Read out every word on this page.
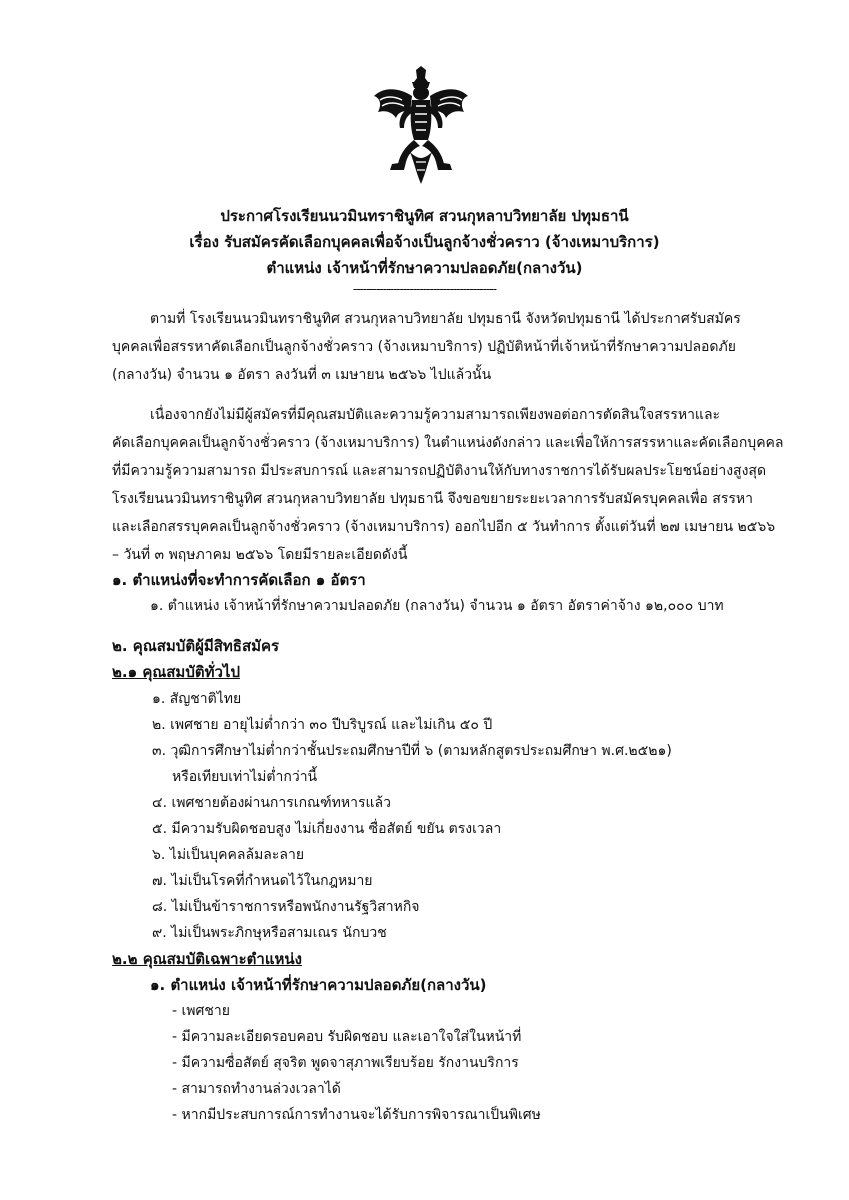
ประกาศโรงเรียนนวมินทราชินูทิศ สวนกุหลาบวิทยาลัย ปทุมธานี
เรื่อง รับสมัครคัดเลือกบุคคลเพื่อจ้างเป็นลูกจ้างชั่วคราว (จ้างเหมาบริการ)
ตำแหน่ง เจ้าหน้าที่รักษาความปลอดภัย(กลางวัน)
-------------------------------------------
ตามที่ โรงเรียนนวมินทราชินูทิศ สวนกุหลาบวิทยาลัย ปทุมธานี จังหวัดปทุมธานี ได้ประกาศรับสมัคร
บุคคลเพื่อสรรหาคัดเลือกเป็นลูกจ้างชั่วคราว (จ้างเหมาบริการ) ปฏิบัติหน้าที่เจ้าหน้าที่รักษาความปลอดภัย
(กลางวัน) จำนวน ๑ อัตรา ลงวันที่ ๓ เมษายน ๒๕๖๖ ไปแล้วนั้น
เนื่องจากยังไม่มีผู้สมัครที่มีคุณสมบัติและความรู้ความสามารถเพียงพอต่อการตัดสินใจสรรหาและ
คัดเลือกบุคคลเป็นลูกจ้างชั่วคราว (จ้างเหมาบริการ) ในตำแหน่งดังกล่าว และเพื่อให้การสรรหาและคัดเลือกบุคคล
ที่มีความรู้ความสามารถ มีประสบการณ์ และสามารถปฏิบัติงานให้กับทางราชการได้รับผลประโยชน์อย่างสูงสุด
โรงเรียนนวมินทราชินูทิศ สวนกุหลาบวิทยาลัย ปทุมธานี จึงขอขยายระยะเวลาการรับสมัครบุคคลเพื่อ สรรหา
และเลือกสรรบุคคลเป็นลูกจ้างชั่วคราว (จ้างเหมาบริการ) ออกไปอีก ๕ วันทำการ ตั้งแต่วันที่ ๒๗ เมษายน ๒๕๖๖
– วันที่ ๓ พฤษภาคม ๒๕๖๖ โดยมีรายละเอียดดังนี้
๑. ตำแหน่งที่จะทำการคัดเลือก ๑ อัตรา
๑. ตำแหน่ง เจ้าหน้าที่รักษาความปลอดภัย (กลางวัน) จำนวน ๑ อัตรา อัตราค่าจ้าง ๑๒,๐๐๐ บาท
๒. คุณสมบัติผู้มีสิทธิสมัคร
๒.๑ คุณสมบัติทั่วไป
๑. สัญชาติไทย
๒. เพศชาย อายุไม่ต่ำกว่า ๓๐ ปีบริบูรณ์ และไม่เกิน ๕๐ ปี
๓. วุฒิการศึกษาไม่ต่ำกว่าชั้นประถมศึกษาปีที่ ๖ (ตามหลักสูตรประถมศึกษา พ.ศ.๒๕๒๑)
หรือเทียบเท่าไม่ต่ำกว่านี้
๔. เพศชายต้องผ่านการเกณฑ์ทหารแล้ว
๕. มีความรับผิดชอบสูง ไม่เกี่ยงงาน ซื่อสัตย์ ขยัน ตรงเวลา
๖. ไม่เป็นบุคคลล้มละลาย
๗. ไม่เป็นโรคที่กำหนดไว้ในกฎหมาย
๘. ไม่เป็นข้าราชการหรือพนักงานรัฐวิสาหกิจ
๙. ไม่เป็นพระภิกษุหรือสามเณร นักบวช
๒.๒ คุณสมบัติเฉพาะตำแหน่ง
๑. ตำแหน่ง เจ้าหน้าที่รักษาความปลอดภัย(กลางวัน)
- เพศชาย
- มีความละเอียดรอบคอบ รับผิดชอบ และเอาใจใส่ในหน้าที่
- มีความซื่อสัตย์ สุจริต พูดจาสุภาพเรียบร้อย รักงานบริการ
- สามารถทำงานล่วงเวลาได้
- หากมีประสบการณ์การทำงานจะได้รับการพิจารณาเป็นพิเศษ
